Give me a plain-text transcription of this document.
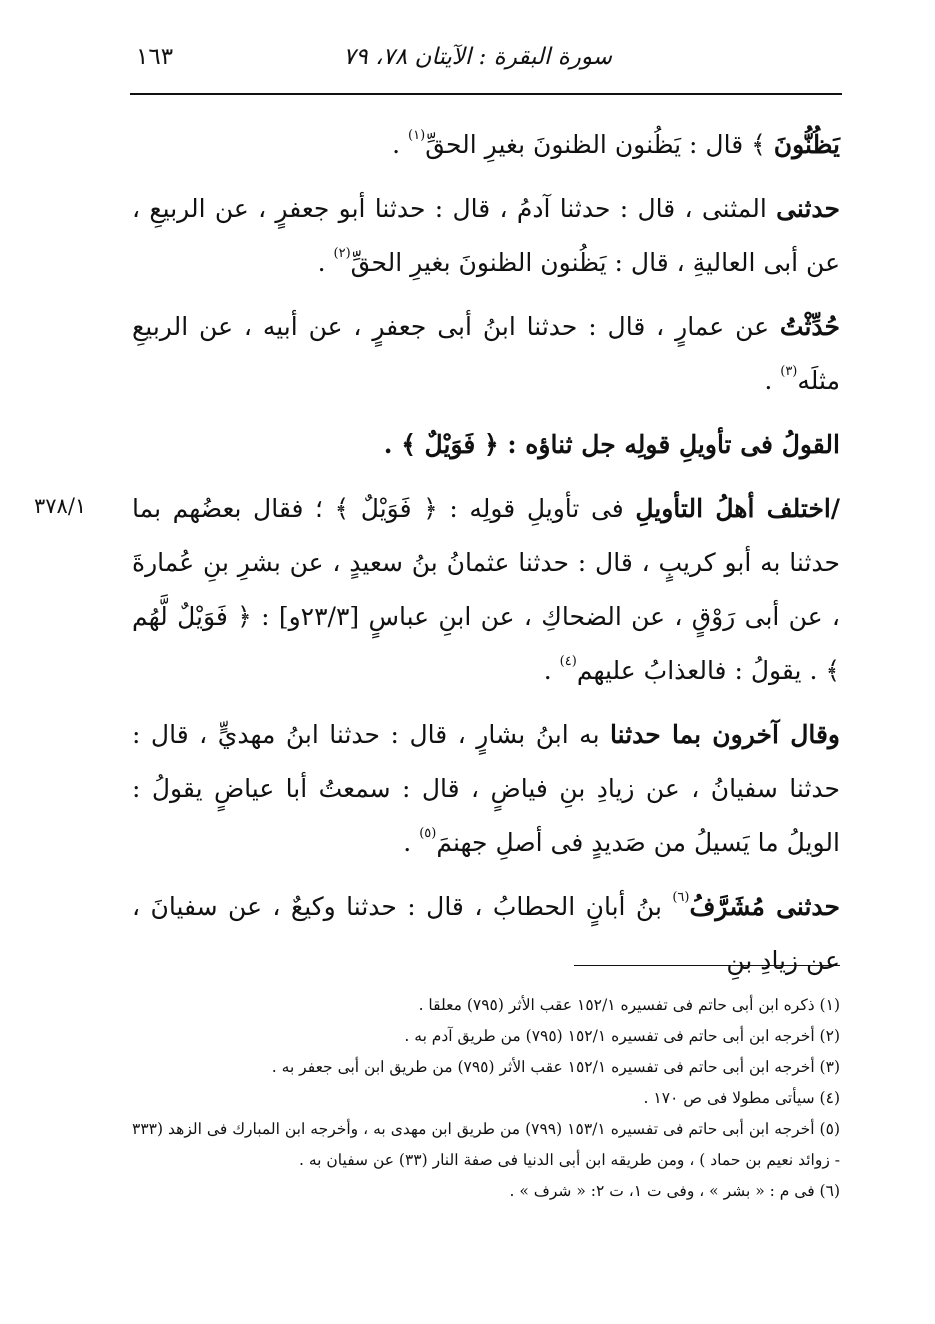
سورة البقرة : الآيتان ٧٨، ٧٩
١٦٣
٣٧٨/١

يَظُنُّونَ ﴾ قال : يَظُنون الظنونَ بغيرِ الحقِّ$^{(١)}$ .

حدثنى المثنى ، قال : حدثنا آدمُ ، قال : حدثنا أبو جعفرٍ ، عن الربيعِ ، عن أبى العاليةِ ، قال : يَظُنون الظنونَ بغيرِ الحقِّ$^{(٢)}$ .

حُدِّثْتُ عن عمارٍ ، قال : حدثنا ابنُ أبى جعفرٍ ، عن أبيه ، عن الربيعِ مثلَه$^{(٣)}$ .

القولُ فى تأويلِ قولِه جل ثناؤه : ﴿ فَوَيْلٌ ﴾ .

/اختلف أهلُ التأويلِ فى تأويلِ قولِه : ﴿ فَوَيْلٌ ﴾ ؛ فقال بعضُهم بما حدثنا به أبو كريبٍ ، قال : حدثنا عثمانُ بنُ سعيدٍ ، عن بشرِ بنِ عُمارةَ ، عن أبى رَوْقٍ ، عن الضحاكِ ، عن ابنِ عباسٍ [٢٣/٣و] : ﴿ فَوَيْلٌ لَّهُم ﴾ . يقولُ : فالعذابُ عليهم$^{(٤)}$ .

وقال آخرون بما حدثنا به ابنُ بشارٍ ، قال : حدثنا ابنُ مهديٍّ ، قال : حدثنا سفيانُ ، عن زيادِ بنِ فياضٍ ، قال : سمعتُ أبا عياضٍ يقولُ : الويلُ ما يَسيلُ من صَديدٍ فى أصلِ جهنمَ$^{(٥)}$ .

حدثنى مُشَرَّفُ$^{(٦)}$ بنُ أبانٍ الحطابُ ، قال : حدثنا وكيعٌ ، عن سفيانَ ، عن زيادِ بنِ

(١) ذكره ابن أبى حاتم فى تفسيره ١٥٢/١ عقب الأثر (٧٩٥) معلقا .

(٢) أخرجه ابن أبى حاتم فى تفسيره ١٥٢/١ (٧٩٥) من طريق آدم به .

(٣) أخرجه ابن أبى حاتم فى تفسيره ١٥٢/١ عقب الأثر (٧٩٥) من طريق ابن أبى جعفر به .

(٤) سيأتى مطولا فى ص ١٧٠ .

(٥) أخرجه ابن أبى حاتم فى تفسيره ١٥٣/١ (٧٩٩) من طريق ابن مهدى به ، وأخرجه ابن المبارك فى الزهد (٣٣٣ - زوائد نعيم بن حماد ) ، ومن طريقه ابن أبى الدنيا فى صفة النار (٣٣) عن سفيان به .

(٦) فى م : « بشر » ، وفى ت ١، ت ٢: « شرف » .
